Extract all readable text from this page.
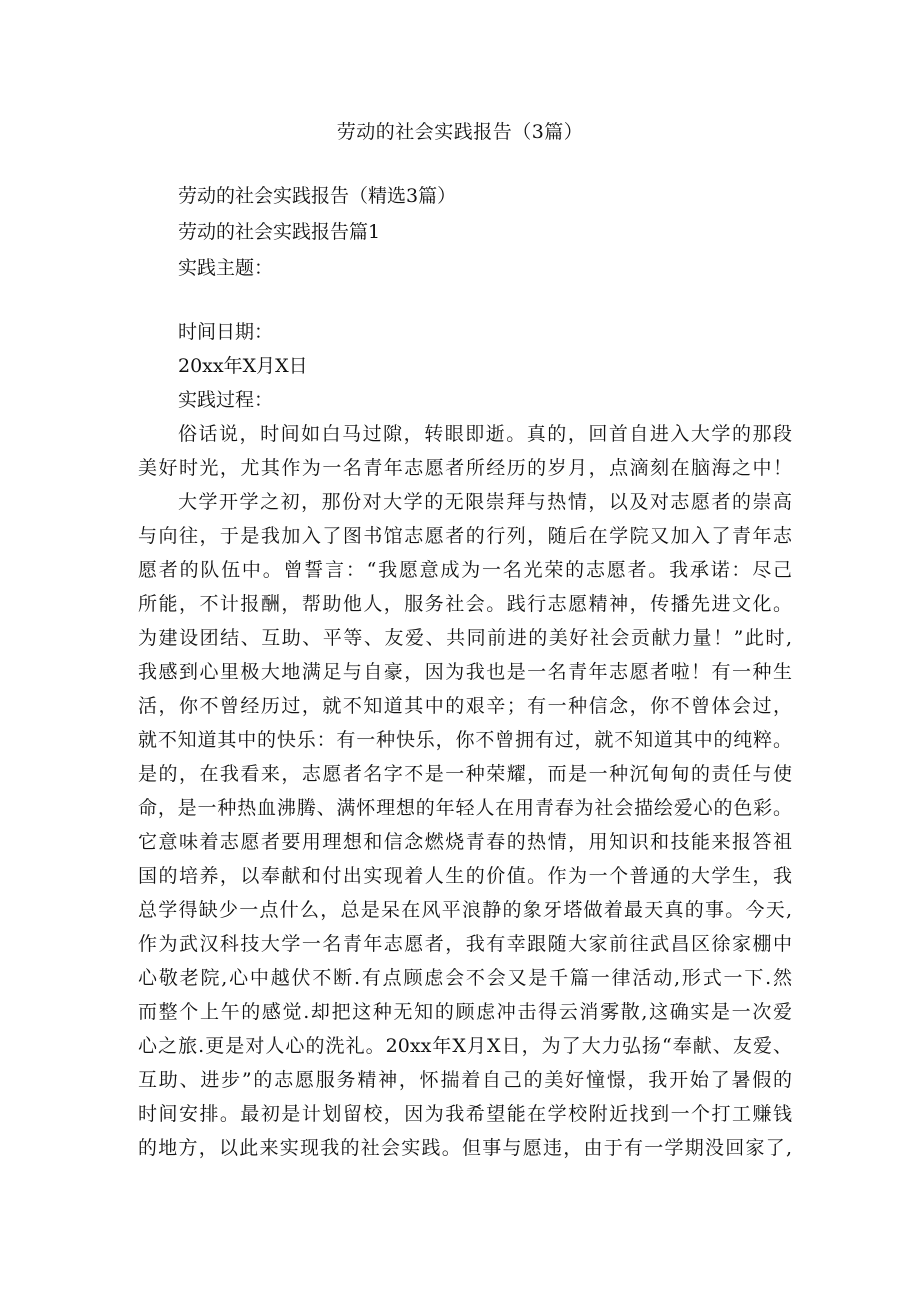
劳动的社会实践报告（3篇）
劳动的社会实践报告（精选3篇）
劳动的社会实践报告篇1
实践主题：
时间日期：
20xx年X月X日
实践过程：
俗话说，时间如白马过隙，转眼即逝。真的，回首自进入大学的那段
美好时光，尤其作为一名青年志愿者所经历的岁月，点滴刻在脑海之中！
大学开学之初，那份对大学的无限崇拜与热情，以及对志愿者的崇高
与向往，于是我加入了图书馆志愿者的行列，随后在学院又加入了青年志
愿者的队伍中。曾誓言：“我愿意成为一名光荣的志愿者。我承诺：尽己
所能，不计报酬，帮助他人，服务社会。践行志愿精神，传播先进文化。
为建设团结、互助、平等、友爱、共同前进的美好社会贡献力量！”此时,
我感到心里极大地满足与自豪，因为我也是一名青年志愿者啦！有一种生
活，你不曾经历过，就不知道其中的艰辛；有一种信念，你不曾体会过，
就不知道其中的快乐：有一种快乐，你不曾拥有过，就不知道其中的纯粹。
是的，在我看来，志愿者名字不是一种荣耀，而是一种沉甸甸的责任与使
命，是一种热血沸腾、满怀理想的年轻人在用青春为社会描绘爱心的色彩。
它意味着志愿者要用理想和信念燃烧青春的热情，用知识和技能来报答祖
国的培养，以奉献和付出实现着人生的价值。作为一个普通的大学生，我
总学得缺少一点什么，总是呆在风平浪静的象牙塔做着最天真的事。今天,
作为武汉科技大学一名青年志愿者，我有幸跟随大家前往武昌区徐家棚中
心敬老院,心中越伏不断.有点顾虑会不会又是千篇一律活动,形式一下.然
而整个上午的感觉.却把这种无知的顾虑冲击得云消雾散,这确实是一次爱
心之旅.更是对人心的洗礼。20xx年X月X日，为了大力弘扬“奉献、友爱、
互助、进步”的志愿服务精神，怀揣着自己的美好憧憬，我开始了暑假的
时间安排。最初是计划留校，因为我希望能在学校附近找到一个打工赚钱
的地方，以此来实现我的社会实践。但事与愿违，由于有一学期没回家了,
